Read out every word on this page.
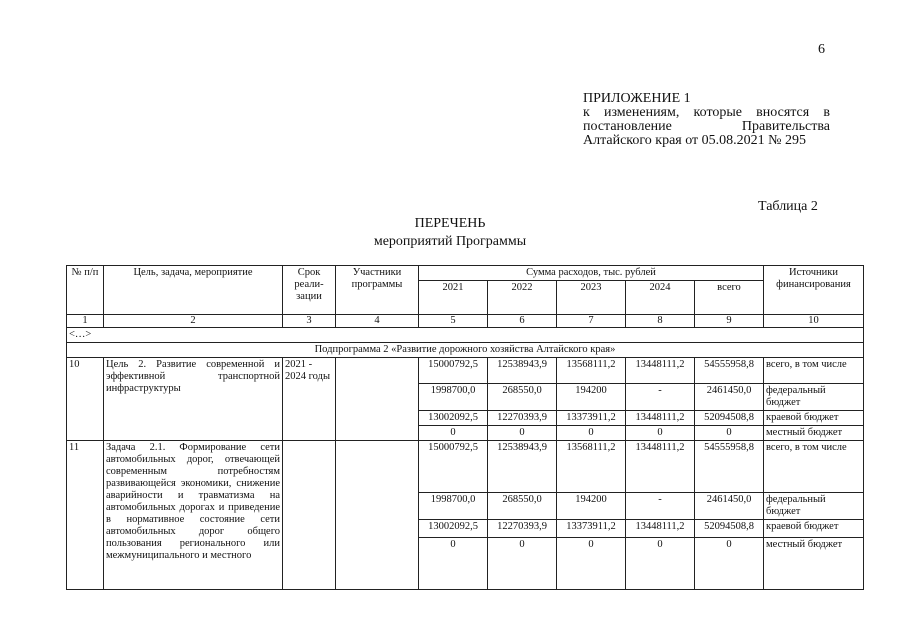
6
ПРИЛОЖЕНИЕ 1
к изменениям, которые вносятся в постановление Правительства Алтайского края от 05.08.2021 № 295
Таблица 2
ПЕРЕЧЕНЬ
мероприятий Программы
№ п/п	Цель, задача, мероприятие	Срок реали-зации	Участники программы	Сумма расходов, тыс. рублей					Источники финансирования
				2021	2022	2023	2024	всего	
1	2	3	4	5	6	7	8	9	10
<…>									
Подпрограмма 2 «Развитие дорожного хозяйства Алтайского края»									
10	Цель 2. Развитие современной и эффективной транспортной инфраструктуры	2021 - 2024 годы		15000792,5	12538943,9	13568111,2	13448111,2	54555958,8	всего, в том числе
				1998700,0	268550,0	194200	-	2461450,0	федеральный бюджет
				13002092,5	12270393,9	13373911,2	13448111,2	52094508,8	краевой бюджет
				0	0	0	0	0	местный бюджет
11	Задача 2.1. Формирование сети автомобильных дорог, отвечающей современным потребностям развивающейся экономики, снижение аварийности и травматизма на автомобильных дорогах и приведение в нормативное состояние сети автомобильных дорог общего пользования регионального или межмуниципального и местного			15000792,5	12538943,9	13568111,2	13448111,2	54555958,8	всего, в том числе
				1998700,0	268550,0	194200	-	2461450,0	федеральный бюджет
				13002092,5	12270393,9	13373911,2	13448111,2	52094508,8	краевой бюджет
				0	0	0	0	0	местный бюджет
